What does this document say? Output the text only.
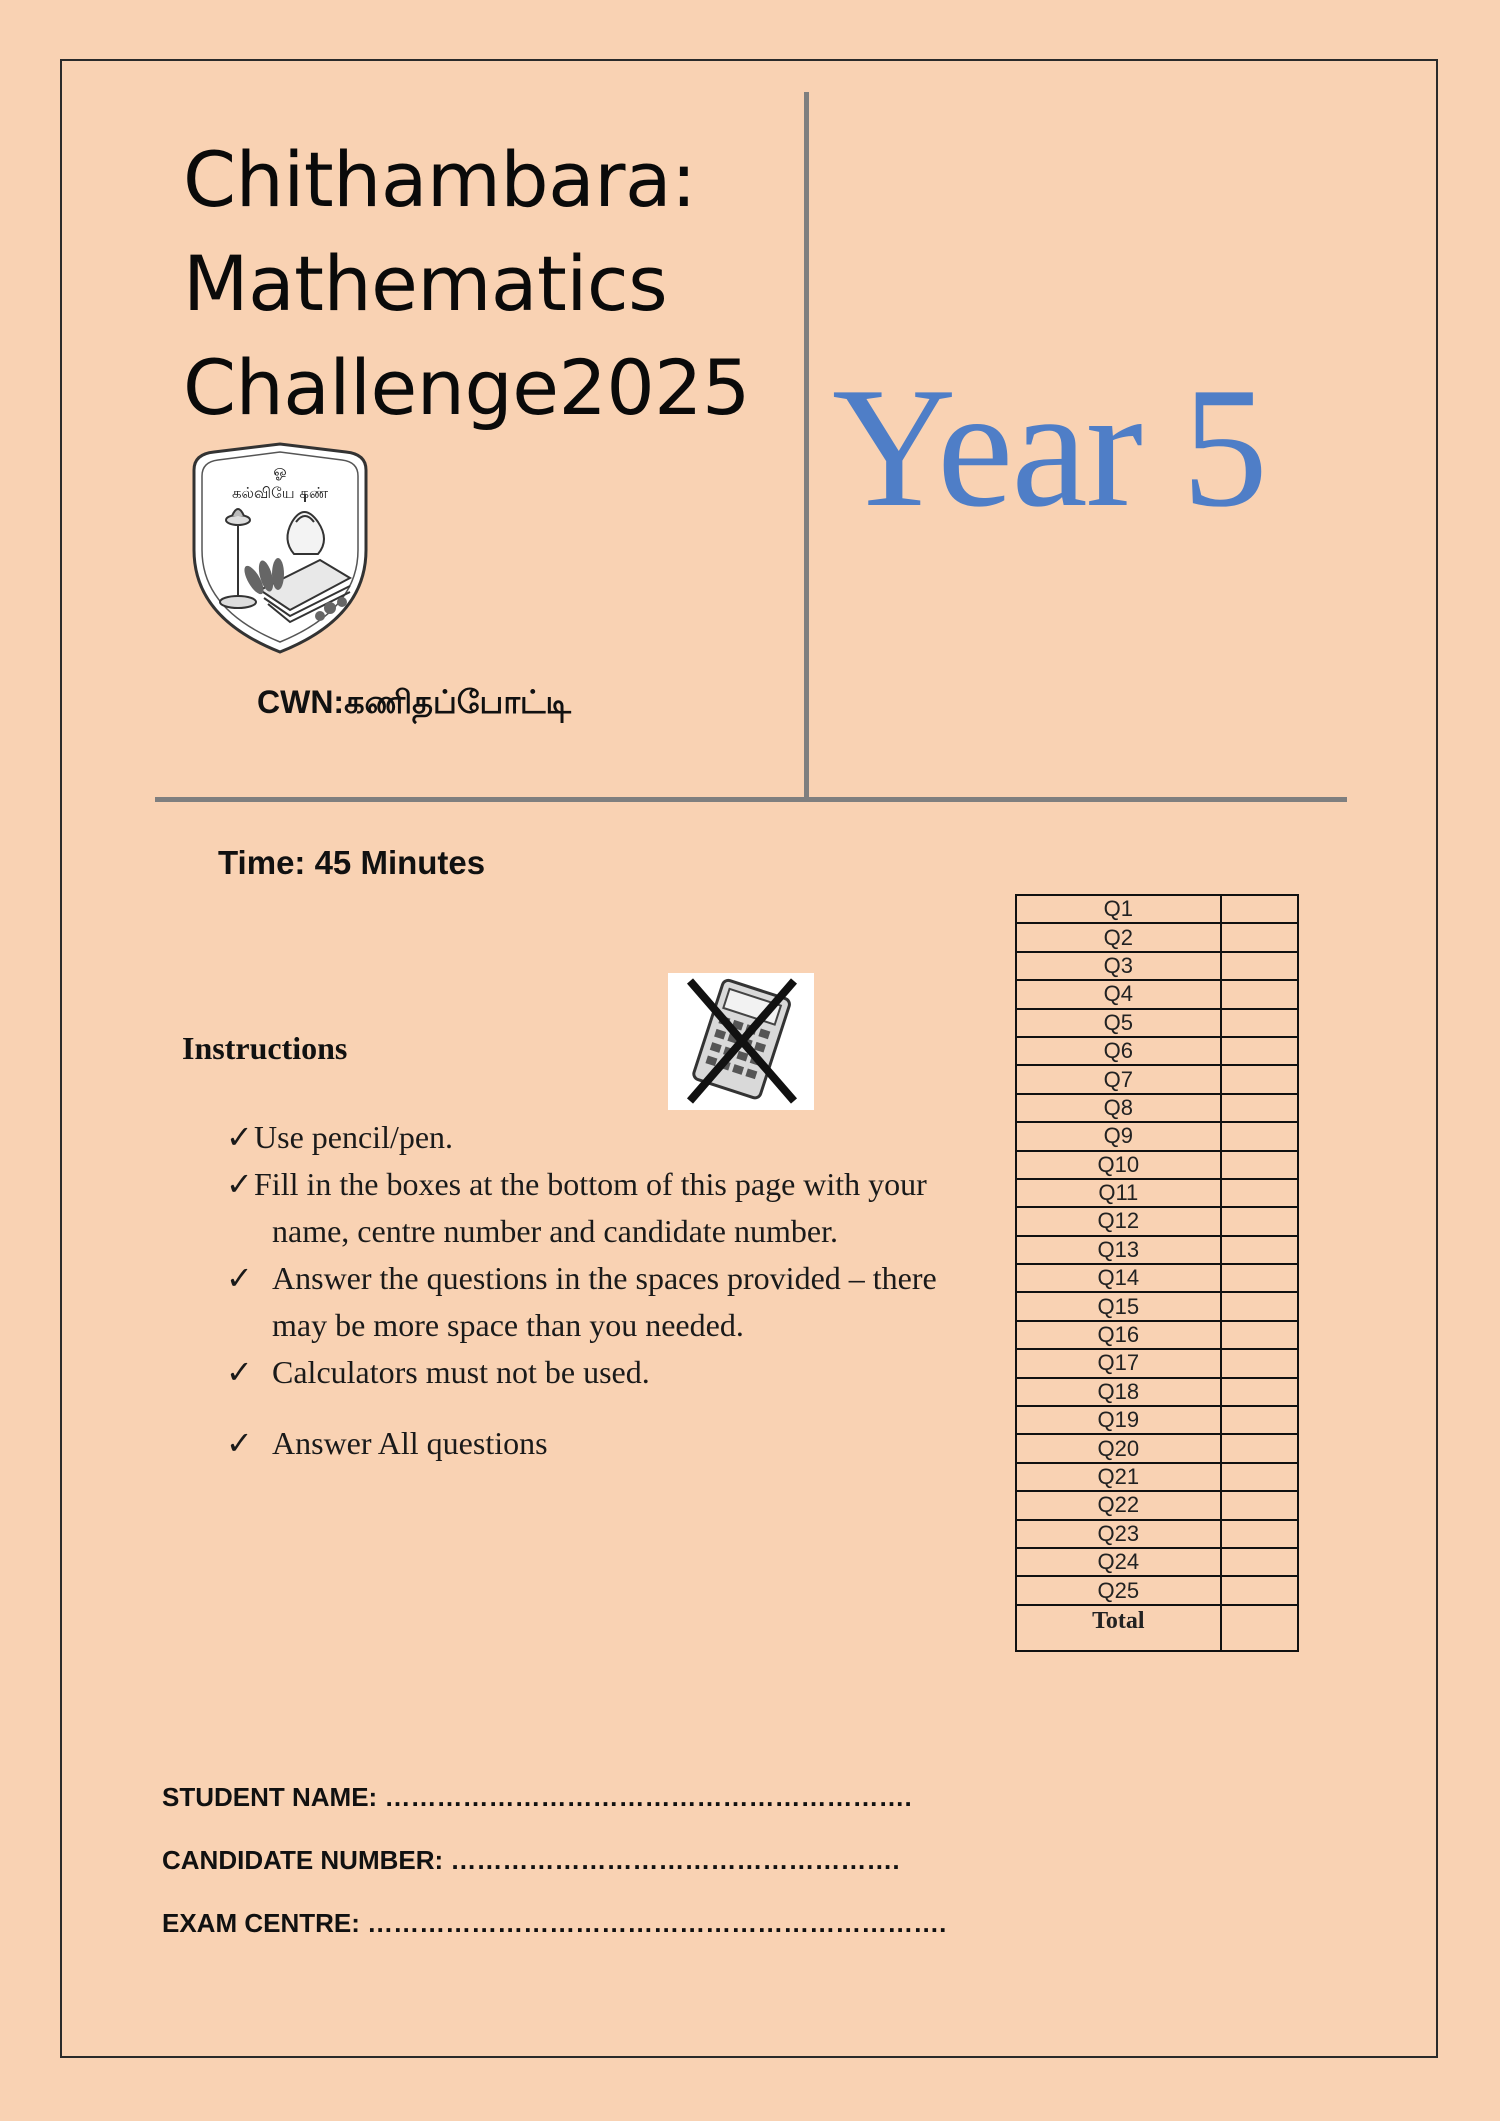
Chithambara:
Mathematics
Challenge2025 Year 5
ஓ
கல்வியே கண்
CWN:கணிதப்போட்டி
Time: 45 Minutes
Instructions
✓Use pencil/pen.
✓Fill in the boxes at the bottom of this page with your name, centre number and candidate number.
✓ Answer the questions in the spaces provided – there may be more space than you needed.
✓ Calculators must not be used.
✓ Answer All questions
Q1	
Q2	
Q3	
Q4	
Q5	
Q6	
Q7	
Q8	
Q9	
Q10	
Q11	
Q12	
Q13	
Q14	
Q15	
Q16	
Q17	
Q18	
Q19	
Q20	
Q21	
Q22	
Q23	
Q24	
Q25	
Total	
STUDENT NAME: …………………………………………………….
CANDIDATE NUMBER: …………………………………………….
EXAM CENTRE: ………………………………………………………….
